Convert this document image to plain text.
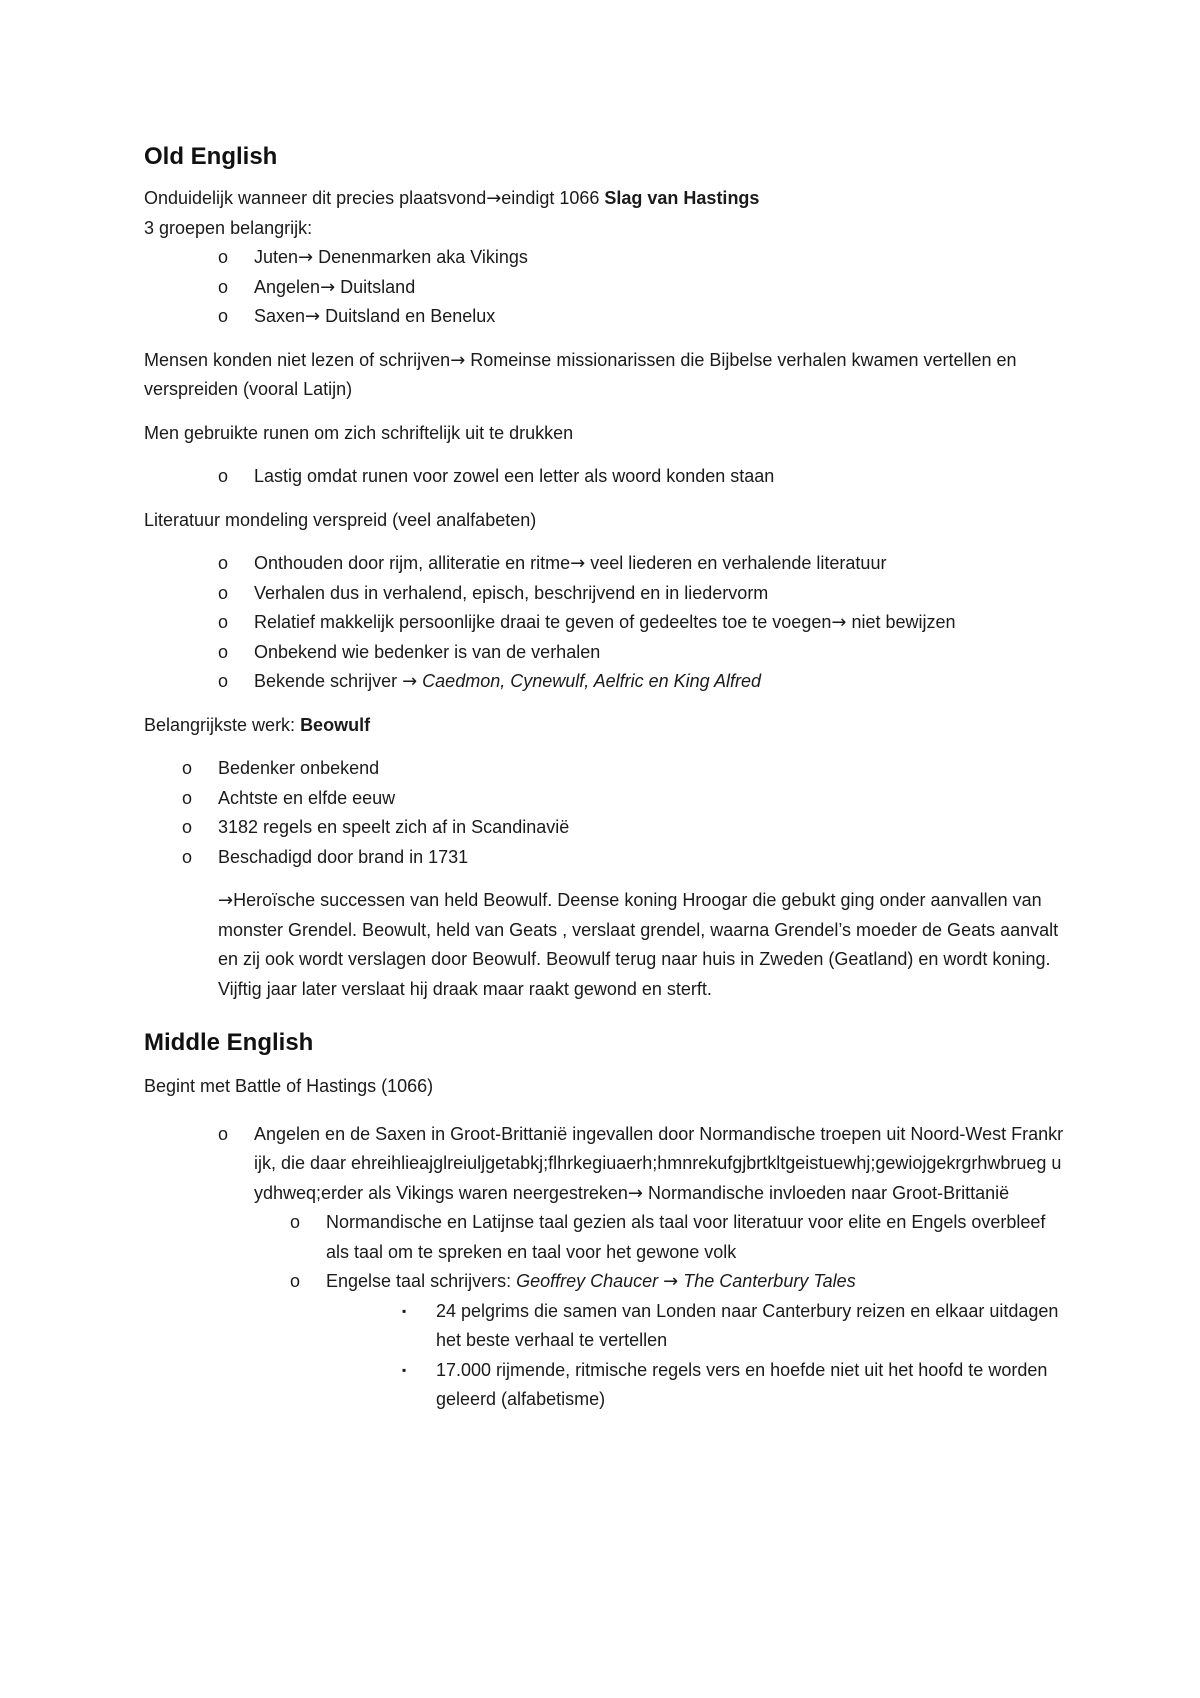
Old English

Onduidelijk wanneer dit precies plaatsvond→eindigt 1066 Slag van Hastings

3 groepen belangrijk:

o	Juten→ Denenmarken aka Vikings
o	Angelen→ Duitsland
o	Saxen→ Duitsland en Benelux

Mensen konden niet lezen of schrijven→ Romeinse missionarissen die Bijbelse verhalen kwamen vertellen en verspreiden (vooral Latijn)

Men gebruikte runen om zich schriftelijk uit te drukken

o	Lastig omdat runen voor zowel een letter als woord konden staan

Literatuur mondeling verspreid (veel analfabeten)

o	Onthouden door rijm, alliteratie en ritme→ veel liederen en verhalende literatuur
o	Verhalen dus in verhalend, episch, beschrijvend en in liedervorm
o	Relatief makkelijk persoonlijke draai te geven of gedeeltes toe te voegen→ niet bewijzen
o	Onbekend wie bedenker is van de verhalen
o	Bekende schrijver → Caedmon, Cynewulf, Aelfric en King Alfred

Belangrijkste werk: Beowulf

o	Bedenker onbekend
o	Achtste en elfde eeuw
o	3182 regels en speelt zich af in Scandinavië
o	Beschadigd door brand in 1731

→Heroïsche successen van held Beowulf. Deense koning Hroogar die gebukt ging onder aanvallen van monster Grendel. Beowult, held van Geats , verslaat grendel, waarna Grendel’s moeder de Geats aanvalt en zij ook wordt verslagen door Beowulf. Beowulf terug naar huis in Zweden (Geatland) en wordt koning. Vijftig jaar later verslaat hij draak maar raakt gewond en sterft.

Middle English

Begint met Battle of Hastings (1066)

o	Angelen en de Saxen in Groot-Brittanië ingevallen door Normandische troepen uit Noord-West Frankrijk, die daar ehreihlieajglreiuljgetabkj;flhrkegiuaerh;hmnrekufgjbrtkltgeistuewhj;gewiojgekrgrhwbrueg uydhweq;erder als Vikings waren neergestreken→ Normandische invloeden naar Groot-Brittanië
o	Normandische en Latijnse taal gezien als taal voor literatuur voor elite en Engels overbleef als taal om te spreken en taal voor het gewone volk
o	Engelse taal schrijvers: Geoffrey Chaucer → The Canterbury Tales
▪	24 pelgrims die samen van Londen naar Canterbury reizen en elkaar uitdagen het beste verhaal te vertellen
▪	17.000 rijmende, ritmische regels vers en hoefde niet uit het hoofd te worden geleerd (alfabetisme)
